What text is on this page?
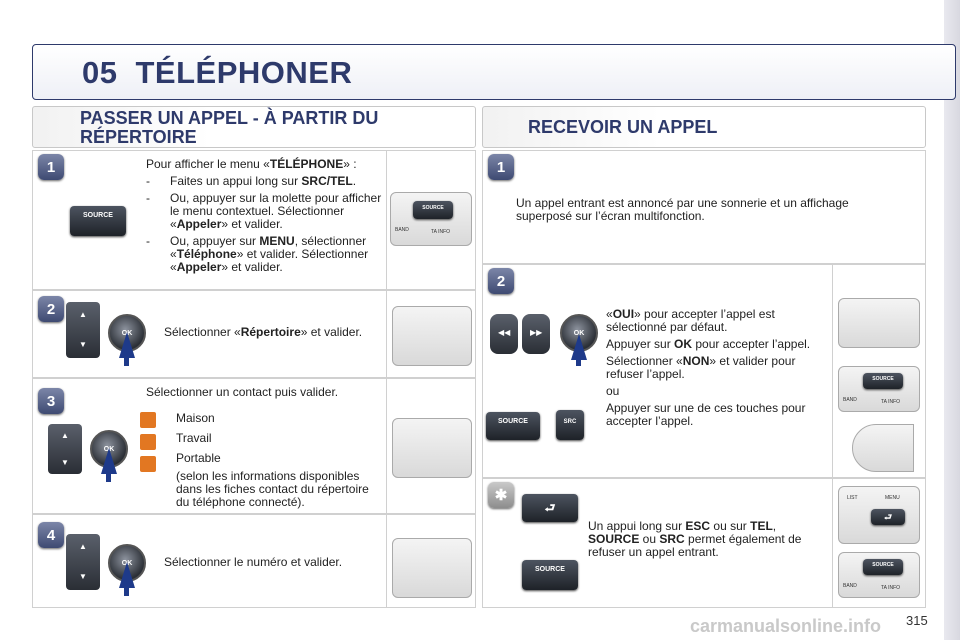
05 TÉLÉPHONER
PASSER UN APPEL - À PARTIR DU
RÉPERTOIRE	RECEVOIR UN APPEL
1
SOURCE
Pour afficher le menu «TÉLÉPHONE» :
-	Faites un appui long sur SRC/TEL.
-	Ou, appuyer sur la molette pour afficher le menu contextuel. Sélectionner «Appeler» et valider.
-	Ou, appuyer sur MENU, sélectionner «Téléphone» et valider. Sélectionner «Appeler» et valider.
SOURCE
BAND	TA INFO
2	▲
▼
OK	Sélectionner «Répertoire» et valider.
3
Sélectionner un contact puis valider.
▲
▼
OK
Maison
Travail
Portable
(selon les informations disponibles dans les fiches contact du répertoire du téléphone connecté).
4
▲
▼
OK	Sélectionner le numéro et valider.
1
Un appel entrant est annoncé par une sonnerie et un affichage superposé sur l’écran multifonction.
2
◀◀ ▶▶	OK
SOURCE	SRC
«OUI» pour accepter l’appel est sélectionné par défaut.
Appuyer sur OK pour accepter l’appel.
Sélectionner «NON» et valider pour refuser l’appel.
ou
Appuyer sur une de ces touches pour accepter l’appel.
SOURCE
BAND	TA INFO
✱
⮐
SOURCE
Un appui long sur ESC ou sur TEL,
SOURCE ou SRC permet également de refuser un appel entrant.
LIST	MENU
⮐
SOURCE
BAND	TA INFO
carmanualsonline.info 315
